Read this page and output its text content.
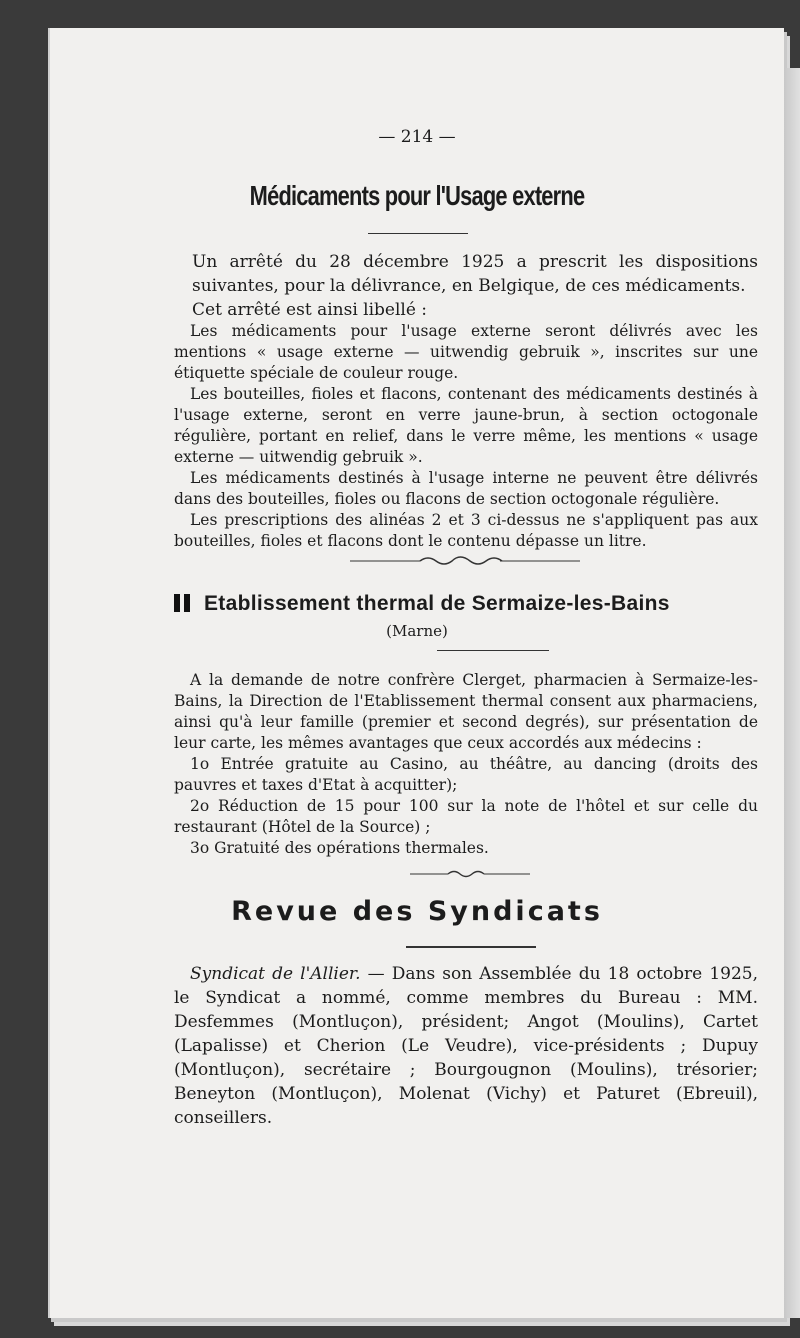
— 214 —
Médicaments pour l'Usage externe

Un arrêté du 28 décembre 1925 a prescrit les dispositions suivantes, pour la délivrance, en Belgique, de ces médicaments.

Cet arrêté est ainsi libellé :

Les médicaments pour l'usage externe seront délivrés avec les mentions « usage externe — uitwendig gebruik », inscrites sur une étiquette spéciale de couleur rouge.

Les bouteilles, fioles et flacons, contenant des médicaments destinés à l'usage externe, seront en verre jaune-brun, à section octogonale régulière, portant en relief, dans le verre même, les mentions « usage externe — uitwendig gebruik ».

Les médicaments destinés à l'usage interne ne peuvent être délivrés dans des bouteilles, fioles ou flacons de section octogonale régulière.

Les prescriptions des alinéas 2 et 3 ci-dessus ne s'appliquent pas aux bouteilles, fioles et flacons dont le contenu dépasse un litre.

Etablissement thermal de Sermaize-les-Bains
(Marne)

A la demande de notre confrère Clerget, pharmacien à Sermaize-les-Bains, la Direction de l'Etablissement thermal consent aux pharmaciens, ainsi qu'à leur famille (premier et second degrés), sur présentation de leur carte, les mêmes avantages que ceux accordés aux médecins :

1o Entrée gratuite au Casino, au théâtre, au dancing (droits des pauvres et taxes d'Etat à acquitter);

2o Réduction de 15 pour 100 sur la note de l'hôtel et sur celle du restaurant (Hôtel de la Source) ;

3o Gratuité des opérations thermales.

Revue des Syndicats

Syndicat de l'Allier. — Dans son Assemblée du 18 octobre 1925, le Syndicat a nommé, comme membres du Bureau : MM. Desfemmes (Montluçon), président; Angot (Moulins), Cartet (Lapalisse) et Cherion (Le Veudre), vice-présidents ; Dupuy (Montluçon), secrétaire ; Bourgougnon (Moulins), trésorier; Beneyton (Montluçon), Molenat (Vichy) et Paturet (Ebreuil), conseillers.
